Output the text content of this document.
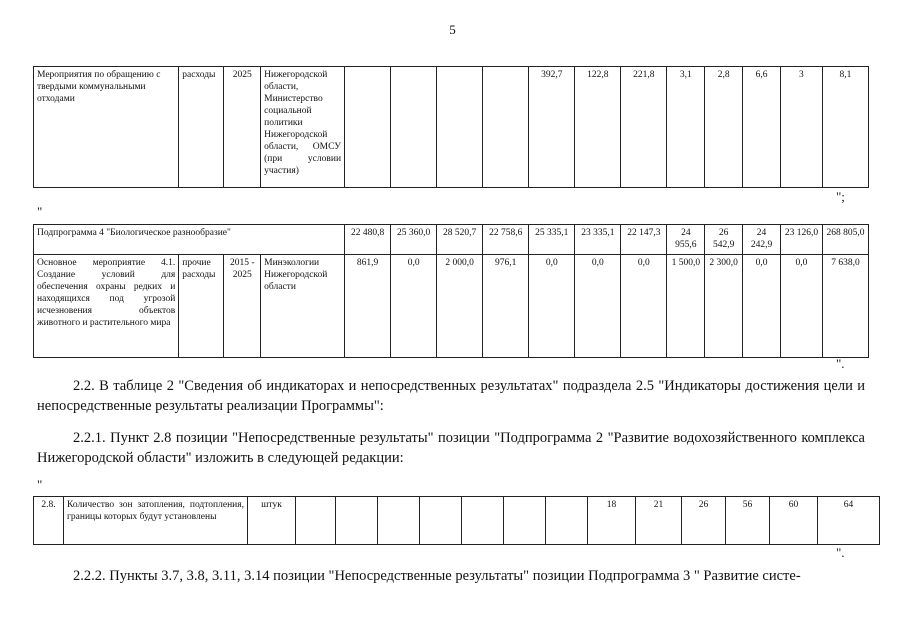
5
Мероприятия по обращению с твердыми коммунальными отходами	расходы	2025	Нижегородской области, Министерство социальной политики Нижегородской области, ОМСУ (при условии участия)					392,7	122,8	221,8	3,1	2,8	6,6	3	8,1
";
"
Подпрограмма 4 "Биологическое разнообразие"				22 480,8	25 360,0	28 520,7	22 758,6	25 335,1	23 335,1	22 147,3	24 955,6	26 542,9	24 242,9	23 126,0	268 805,0
Основное мероприятие 4.1. Создание условий для обеспечения охраны редких и находящихся под угрозой исчезновения объектов животного и растительного мира	прочие расходы	2015 - 2025	Минэкологии Нижегородской области	861,9	0,0	2 000,0	976,1	0,0	0,0	0,0	1 500,0	2 300,0	0,0	0,0	7 638,0
".
2.2. В таблице 2 "Сведения об индикаторах и непосредственных результатах" подраздела 2.5 "Индикаторы достижения цели и непосредственные результаты реализации Программы":
2.2.1. Пункт 2.8 позиции "Непосредственные результаты" позиции "Подпрограмма 2 "Развитие водохозяйственного комплекса Нижегородской области" изложить в следующей редакции:
"
2.8.	Количество зон затопления, подтопления, границы которых будут установлены	штук								18	21	26	56	60	64
".
2.2.2. Пункты 3.7, 3.8, 3.11, 3.14 позиции "Непосредственные результаты" позиции Подпрограмма 3 " Развитие систе-
